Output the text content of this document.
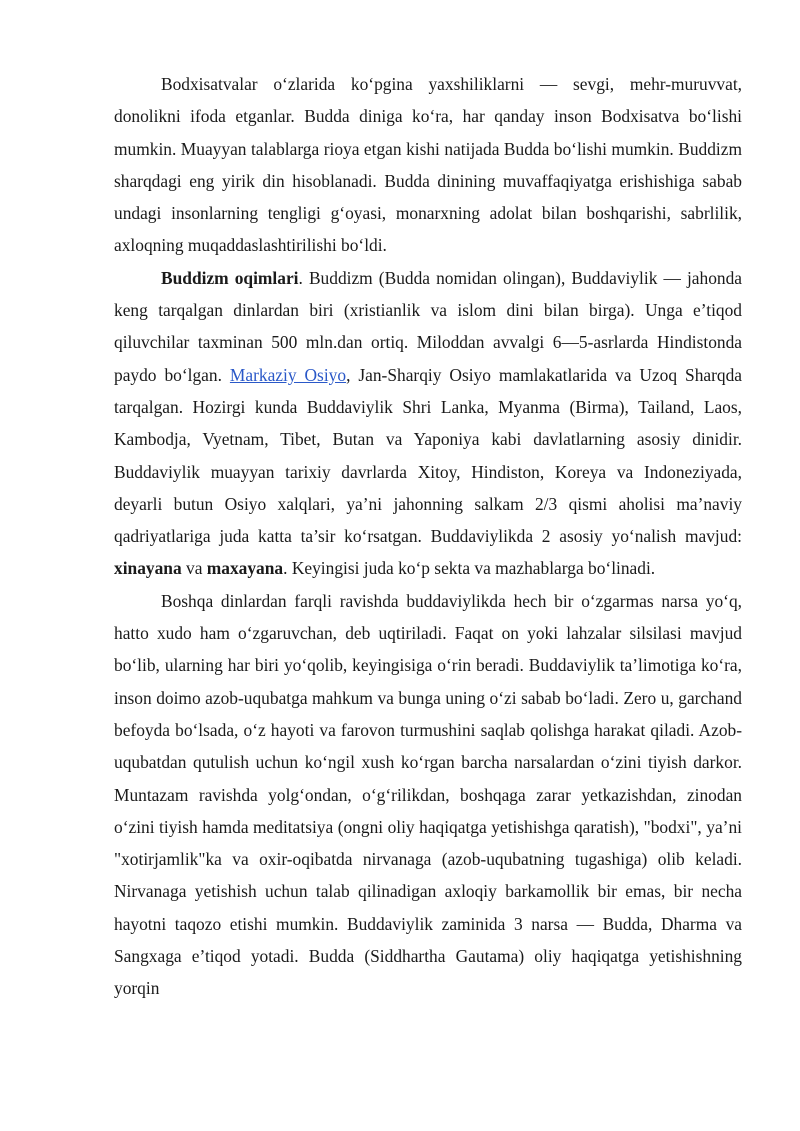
Bodxisatvalar o‘zlarida ko‘pgina yaxshiliklarni — sevgi, mehr-muruvvat, donolikni ifoda etganlar. Budda diniga ko‘ra, har qanday inson Bodxisatva bo‘lishi mumkin. Muayyan talablarga rioya etgan kishi natijada Budda bo‘lishi mumkin. Buddizm sharqdagi eng yirik din hisoblanadi. Budda dinining muvaffaqiyatga erishishiga sabab undagi insonlarning tengligi g‘oyasi, monarxning adolat bilan boshqarishi, sabrlilik, axloqning muqaddaslashtirilishi bo‘ldi.

Buddizm oqimlari. Buddizm (Budda nomidan olingan), Buddaviylik — jahonda keng tarqalgan dinlardan biri (xristianlik va islom dini bilan birga). Unga e’tiqod qiluvchilar taxminan 500 mln.dan ortiq. Miloddan avvalgi 6—5-asrlarda Hindistonda paydo bo‘lgan. Markaziy Osiyo, Jan-Sharqiy Osiyo mamlakatlarida va Uzoq Sharqda tarqalgan. Hozirgi kunda Buddaviylik Shri Lanka, Myanma (Birma), Tailand, Laos, Kambodja, Vyetnam, Tibet, Butan va Yaponiya kabi davlatlarning asosiy dinidir. Buddaviylik muayyan tarixiy davrlarda Xitoy, Hindiston, Koreya va Indoneziyada, deyarli butun Osiyo xalqlari, ya’ni jahonning salkam 2/3 qismi aholisi ma’naviy qadriyatlariga juda katta ta’sir ko‘rsatgan. Buddaviylikda 2 asosiy yo‘nalish mavjud: xinayana va maxayana. Keyingisi juda ko‘p sekta va mazhablarga bo‘linadi.

Boshqa dinlardan farqli ravishda buddaviylikda hech bir o‘zgarmas narsa yo‘q, hatto xudo ham o‘zgaruvchan, deb uqtiriladi. Faqat on yoki lahzalar silsilasi mavjud bo‘lib, ularning har biri yo‘qolib, keyingisiga o‘rin beradi. Buddaviylik ta’limotiga ko‘ra, inson doimo azob-uqubatga mahkum va bunga uning o‘zi sabab bo‘ladi. Zero u, garchand befoyda bo‘lsada, o‘z hayoti va farovon turmushini saqlab qolishga harakat qiladi. Azob-uqubatdan qutulish uchun ko‘ngil xush ko‘rgan barcha narsalardan o‘zini tiyish darkor. Muntazam ravishda yolg‘ondan, o‘g‘rilikdan, boshqaga zarar yetkazishdan, zinodan o‘zini tiyish hamda meditatsiya (ongni oliy haqiqatga yetishishga qaratish), "bodxi", ya’ni "xotirjamlik"ka va oxir-oqibatda nirvanaga (azob-uqubatning tugashiga) olib keladi. Nirvanaga yetishish uchun talab qilinadigan axloqiy barkamollik bir emas, bir necha hayotni taqozo etishi mumkin. Buddaviylik zaminida 3 narsa — Budda, Dharma va Sangxaga e’tiqod yotadi. Budda (Siddhartha Gautama) oliy haqiqatga yetishishning yorqin
